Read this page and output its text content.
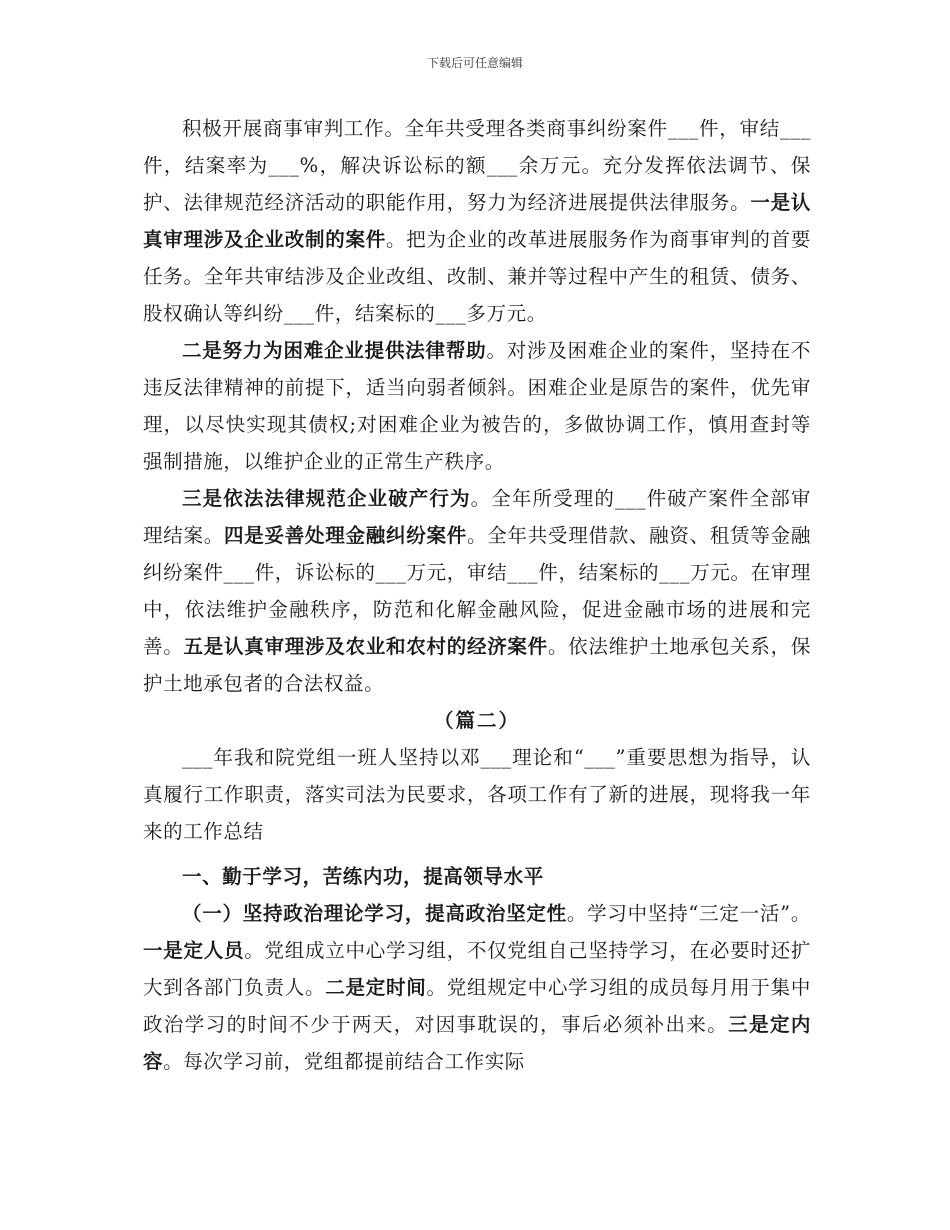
下载后可任意编辑

积极开展商事审判工作。全年共受理各类商事纠纷案件___件，审结___件，结案率为___%，解决诉讼标的额___余万元。充分发挥依法调节、保护、法律规范经济活动的职能作用，努力为经济进展提供法律服务。一是认真审理涉及企业改制的案件。把为企业的改革进展服务作为商事审判的首要任务。全年共审结涉及企业改组、改制、兼并等过程中产生的租赁、债务、股权确认等纠纷___件，结案标的___多万元。

二是努力为困难企业提供法律帮助。对涉及困难企业的案件，坚持在不违反法律精神的前提下，适当向弱者倾斜。困难企业是原告的案件，优先审理，以尽快实现其债权;对困难企业为被告的，多做协调工作，慎用查封等强制措施，以维护企业的正常生产秩序。

三是依法法律规范企业破产行为。全年所受理的___件破产案件全部审理结案。四是妥善处理金融纠纷案件。全年共受理借款、融资、租赁等金融纠纷案件___件，诉讼标的___万元，审结___件，结案标的___万元。在审理中，依法维护金融秩序，防范和化解金融风险，促进金融市场的进展和完善。五是认真审理涉及农业和农村的经济案件。依法维护土地承包关系，保护土地承包者的合法权益。

（篇二）

___年我和院党组一班人坚持以邓___理论和“___”重要思想为指导，认真履行工作职责，落实司法为民要求，各项工作有了新的进展，现将我一年来的工作总结

一、勤于学习，苦练内功，提高领导水平

（一）坚持政治理论学习，提高政治坚定性。学习中坚持“三定一活”。一是定人员。党组成立中心学习组，不仅党组自己坚持学习，在必要时还扩大到各部门负责人。二是定时间。党组规定中心学习组的成员每月用于集中政治学习的时间不少于两天，对因事耽误的，事后必须补出来。三是定内容。每次学习前，党组都提前结合工作实际
